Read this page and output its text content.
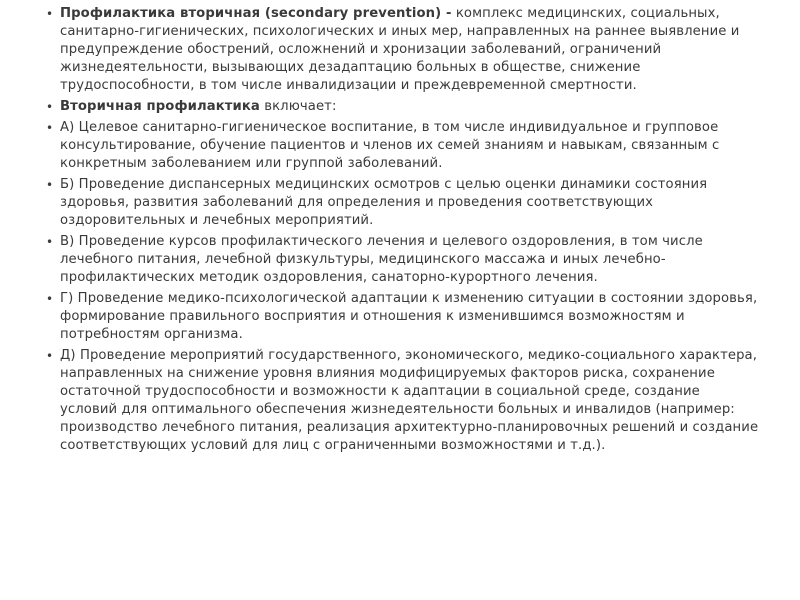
• Профилактика вторичная (secondary prevention) - комплекс медицинских, социальных, санитарно-гигиенических, психологических и иных мер, направленных на раннее выявление и предупреждение обострений, осложнений и хронизации заболеваний, ограничений жизнедеятельности, вызывающих дезадаптацию больных в обществе, снижение трудоспособности, в том числе инвалидизации и преждевременной смертности.
• Вторичная профилактика включает:
• А) Целевое санитарно-гигиеническое воспитание, в том числе индивидуальное и групповое консультирование, обучение пациентов и членов их семей знаниям и навыкам, связанным с конкретным заболеванием или группой заболеваний.
• Б) Проведение диспансерных медицинских осмотров с целью оценки динамики состояния здоровья, развития заболеваний для определения и проведения соответствующих оздоровительных и лечебных мероприятий.
• В) Проведение курсов профилактического лечения и целевого оздоровления, в том числе лечебного питания, лечебной физкультуры, медицинского массажа и иных лечебно-профилактических методик оздоровления, санаторно-курортного лечения.
• Г) Проведение медико-психологической адаптации к изменению ситуации в состоянии здоровья, формирование правильного восприятия и отношения к изменившимся возможностям и потребностям организма.
• Д) Проведение мероприятий государственного, экономического, медико-социального характера, направленных на снижение уровня влияния модифицируемых факторов риска, сохранение остаточной трудоспособности и возможности к адаптации в социальной среде, создание условий для оптимального обеспечения жизнедеятельности больных и инвалидов (например: производство лечебного питания, реализация архитектурно-планировочных решений и создание соответствующих условий для лиц с ограниченными возможностями и т.д.).
